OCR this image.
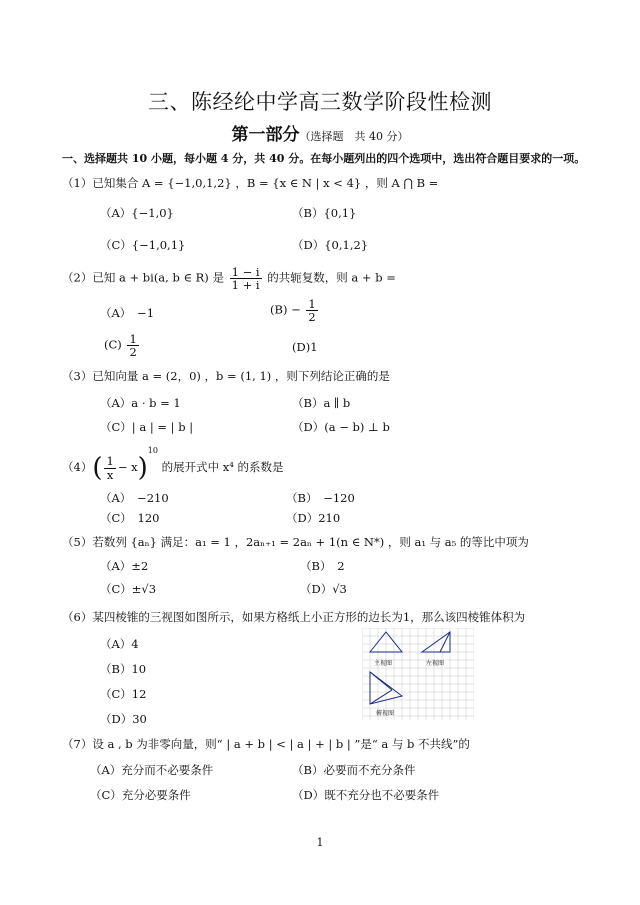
三、陈经纶中学高三数学阶段性检测
第一部分（选择题　共 40 分）
一、选择题共 10 小题，每小题 4 分，共 40 分。在每小题列出的四个选项中，选出符合题目要求的一项。
（1）已知集合 A = {−1,0,1,2} ，B = {x ∈ N | x < 4} ，则 A ⋂ B =
（A）{−1,0}	（B）{0,1}
（C）{−1,0,1}	（D）{0,1,2}
（2）已知 a + bi(a, b ∈ R) 是 $\frac{1 - i}{1 + i}$ 的共轭复数，则 a + b =
（A）　−1	$(B) - \frac{1}{2}$
$(C) \frac{1}{2}$	(D)1
（3）已知向量 a = (2，0) ，b = (1, 1) ，则下列结论正确的是
（A）a · b = 1	（B）a ∥ b
（C）| a | = | b |	（D）(a − b) ⊥ b
$(4)( \frac{1}{x} - x)^{10}$ 的展开式中 x⁴ 的系数是
（A）　−210	（B）　−120
（C）　120	（D）210
（5）若数列 {aₙ} 满足：a₁ = 1 ，2aₙ₊₁ = 2aₙ + 1(n ∈ N*) ，则 a₁ 与 a₅ 的等比中项为
（A）±2	（B）　2
（C）±√3	（D）√3
（6）某四棱锥的三视图如图所示，如果方格纸上小正方形的边长为1，那么该四棱锥体积为
（A）4
（B）10
（C）12
（D）30
主视图	左视图
俯视图
（7）设 a , b 为非零向量，则“ | a + b | < | a | + | b | ”是“ a 与 b 不共线”的
（A）充分而不必要条件	（B）必要而不充分条件
（C）充分必要条件	（D）既不充分也不必要条件
1
